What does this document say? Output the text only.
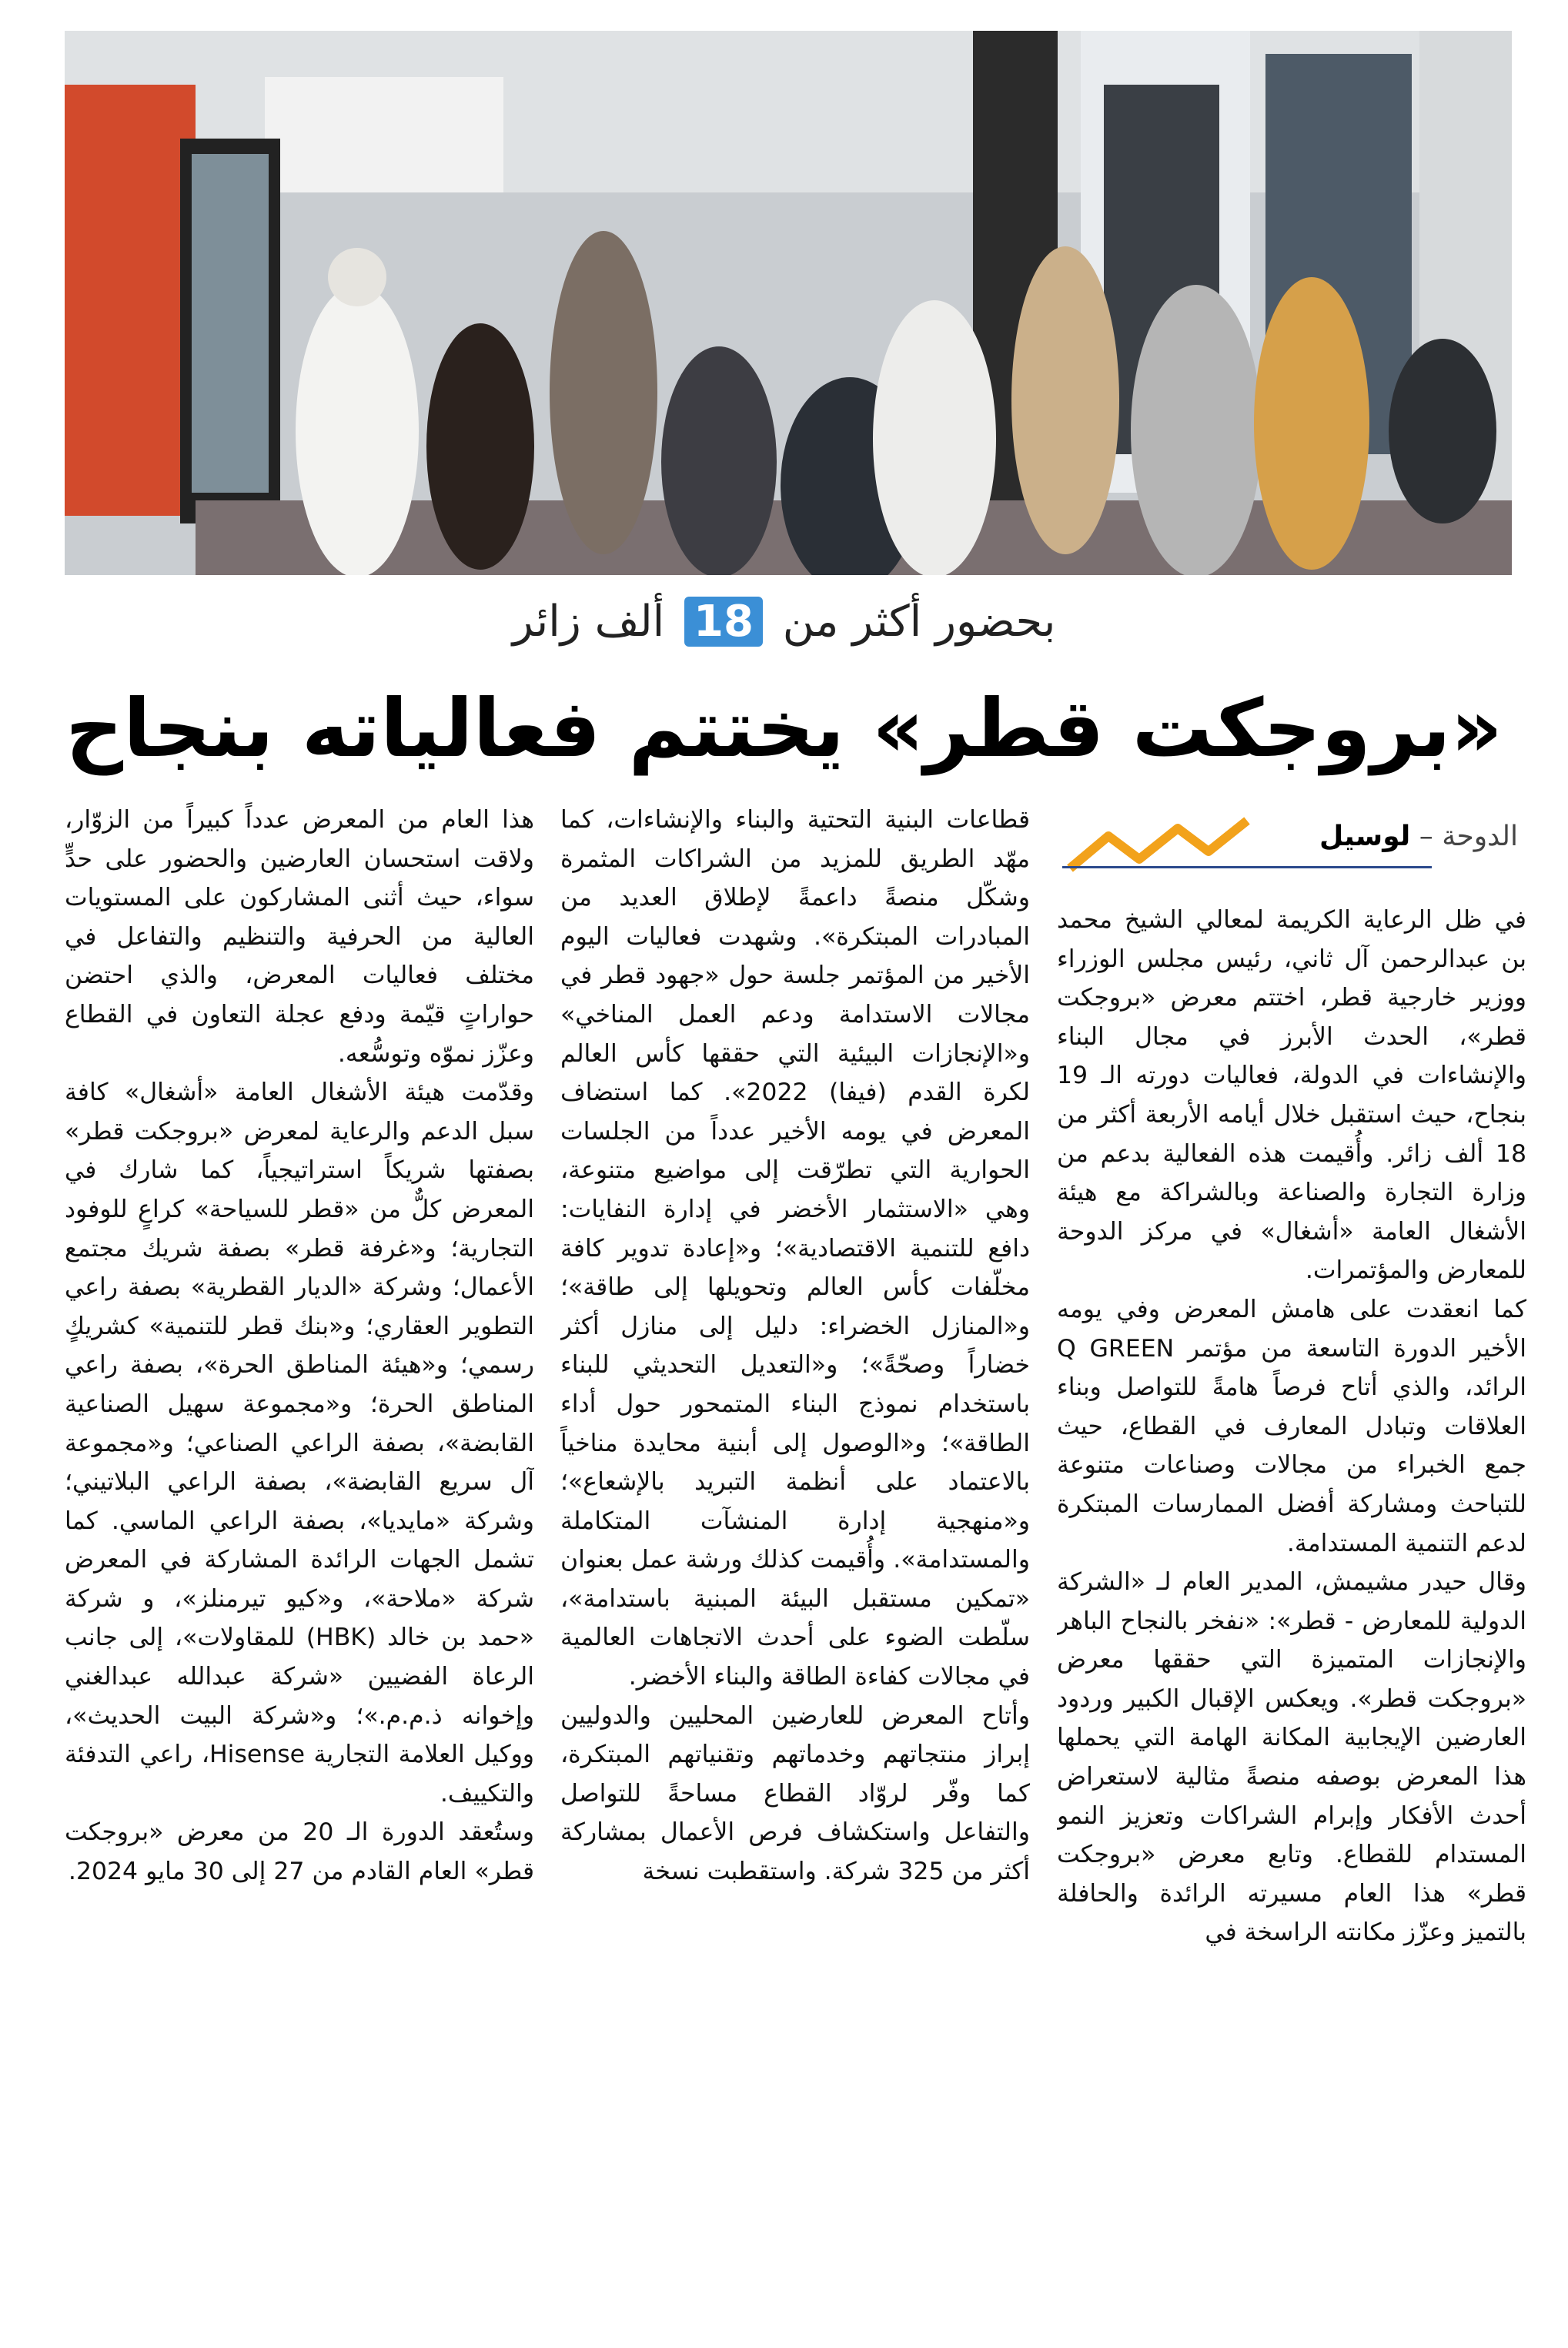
بحضور أكثر من 18 ألف زائر
«بروجكت قطر» يختتم فعالياته بنجاح
الدوحة – لوسيل

في ظل الرعاية الكريمة لمعالي الشيخ محمد بن عبدالرحمن آل ثاني، رئيس مجلس الوزراء ووزير خارجية قطر، اختتم معرض «بروجكت قطر»، الحدث الأبرز في مجال البناء والإنشاءات في الدولة، فعاليات دورته الـ 19 بنجاح، حيث استقبل خلال أيامه الأربعة أكثر من 18 ألف زائر. وأُقيمت هذه الفعالية بدعم من وزارة التجارة والصناعة وبالشراكة مع هيئة الأشغال العامة «أشغال» في مركز الدوحة للمعارض والمؤتمرات.

كما انعقدت على هامش المعرض وفي يومه الأخير الدورة التاسعة من مؤتمر Q GREEN الرائد، والذي أتاح فرصاً هامةً للتواصل وبناء العلاقات وتبادل المعارف في القطاع، حيث جمع الخبراء من مجالات وصناعات متنوعة للتباحث ومشاركة أفضل الممارسات المبتكرة لدعم التنمية المستدامة.

وقال حيدر مشيمش، المدير العام لـ «الشركة الدولية للمعارض - قطر»: «نفخر بالنجاح الباهر والإنجازات المتميزة التي حققها معرض «بروجكت قطر». ويعكس الإقبال الكبير وردود العارضين الإيجابية المكانة الهامة التي يحملها هذا المعرض بوصفه منصةً مثالية لاستعراض أحدث الأفكار وإبرام الشراكات وتعزيز النمو المستدام للقطاع. وتابع معرض «بروجكت قطر» هذا العام مسيرته الرائدة والحافلة بالتميز وعزّز مكانته الراسخة في

قطاعات البنية التحتية والبناء والإنشاءات، كما مهّد الطريق للمزيد من الشراكات المثمرة وشكّل منصةً داعمةً لإطلاق العديد من المبادرات المبتكرة». وشهدت فعاليات اليوم الأخير من المؤتمر جلسة حول «جهود قطر في مجالات الاستدامة ودعم العمل المناخي» و«الإنجازات البيئية التي حققها كأس العالم لكرة القدم (فيفا) 2022». كما استضاف المعرض في يومه الأخير عدداً من الجلسات الحوارية التي تطرّقت إلى مواضيع متنوعة، وهي «الاستثمار الأخضر في إدارة النفايات: دافع للتنمية الاقتصادية»؛ و«إعادة تدوير كافة مخلّفات كأس العالم وتحويلها إلى طاقة»؛ و«المنازل الخضراء: دليل إلى منازل أكثر خضاراً وصحّةً»؛ و«التعديل التحديثي للبناء باستخدام نموذج البناء المتمحور حول أداء الطاقة»؛ و«الوصول إلى أبنية محايدة مناخياً بالاعتماد على أنظمة التبريد بالإشعاع»؛ و«منهجية إدارة المنشآت المتكاملة والمستدامة». وأُقيمت كذلك ورشة عمل بعنوان «تمكين مستقبل البيئة المبنية باستدامة»، سلّطت الضوء على أحدث الاتجاهات العالمية في مجالات كفاءة الطاقة والبناء الأخضر.

وأتاح المعرض للعارضين المحليين والدوليين إبراز منتجاتهم وخدماتهم وتقنياتهم المبتكرة، كما وفّر لروّاد القطاع مساحةً للتواصل والتفاعل واستكشاف فرص الأعمال بمشاركة أكثر من 325 شركة. واستقطبت نسخة

هذا العام من المعرض عدداً كبيراً من الزوّار، ولاقت استحسان العارضين والحضور على حدٍّ سواء، حيث أثنى المشاركون على المستويات العالية من الحرفية والتنظيم والتفاعل في مختلف فعاليات المعرض، والذي احتضن حواراتٍ قيّمة ودفع عجلة التعاون في القطاع وعزّز نموّه وتوسُّعه.

وقدّمت هيئة الأشغال العامة «أشغال» كافة سبل الدعم والرعاية لمعرض «بروجكت قطر» بصفتها شريكاً استراتيجياً، كما شارك في المعرض كلٌّ من «قطر للسياحة» كراعٍ للوفود التجارية؛ و«غرفة قطر» بصفة شريك مجتمع الأعمال؛ وشركة «الديار القطرية» بصفة راعي التطوير العقاري؛ و«بنك قطر للتنمية» كشريكٍ رسمي؛ و«هيئة المناطق الحرة»، بصفة راعي المناطق الحرة؛ و«مجموعة سهيل الصناعية القابضة»، بصفة الراعي الصناعي؛ و«مجموعة آل سريع القابضة»، بصفة الراعي البلاتيني؛ وشركة «مايديا»، بصفة الراعي الماسي. كما تشمل الجهات الرائدة المشاركة في المعرض شركة «ملاحة»، و«كيو تيرمنلز»، و شركة «حمد بن خالد (HBK) للمقاولات»، إلى جانب الرعاة الفضيين «شركة عبدالله عبدالغني وإخوانه ذ.م.م.»؛ و«شركة البيت الحديث»، ووكيل العلامة التجارية Hisense، راعي التدفئة والتكييف.

وستُعقد الدورة الـ 20 من معرض «بروجكت قطر» العام القادم من 27 إلى 30 مايو 2024.
